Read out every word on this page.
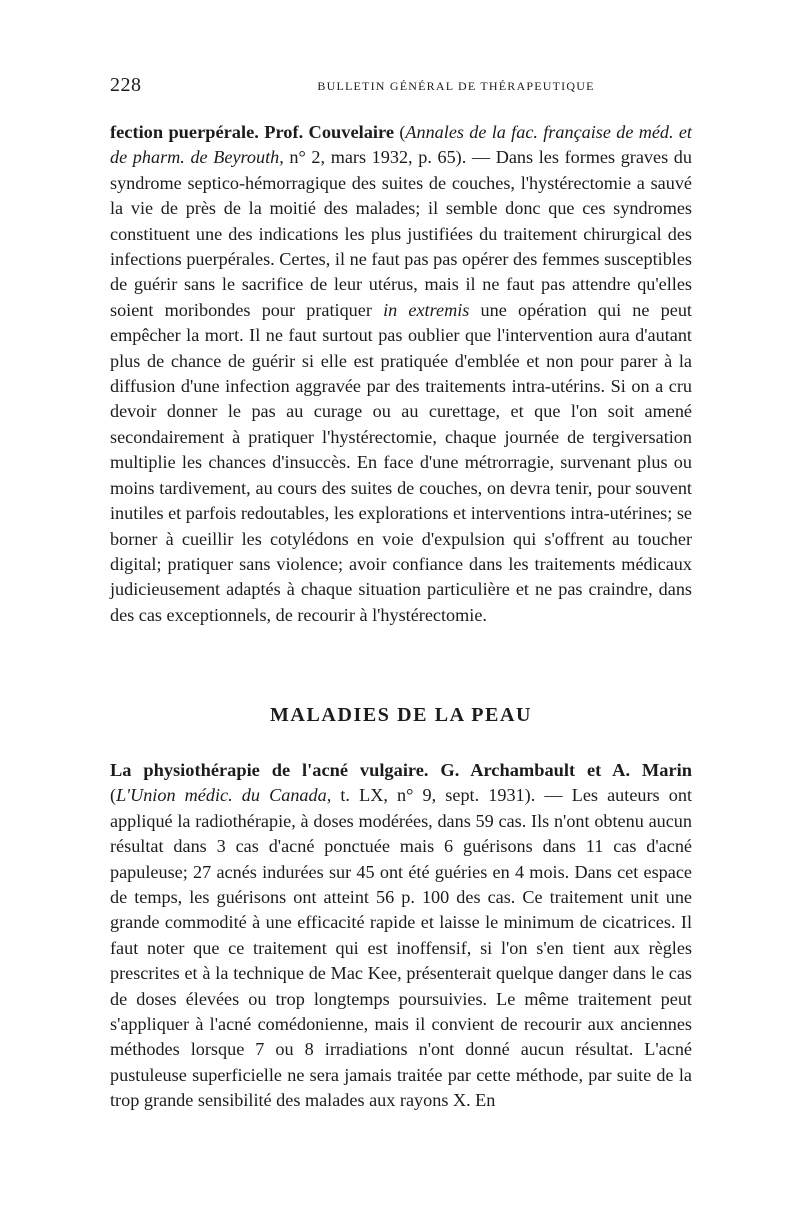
228	BULLETIN GÉNÉRAL DE THÉRAPEUTIQUE

fection puerpérale. Prof. Couvelaire (Annales de la fac. française de méd. et de pharm. de Beyrouth, n° 2, mars 1932, p. 65). — Dans les formes graves du syndrome septico-hémorragique des suites de couches, l'hystérectomie a sauvé la vie de près de la moitié des malades; il semble donc que ces syndromes constituent une des indications les plus justifiées du traitement chirurgical des infections puerpérales. Certes, il ne faut pas pas opérer des femmes susceptibles de guérir sans le sacrifice de leur utérus, mais il ne faut pas attendre qu'elles soient moribondes pour pratiquer in extremis une opération qui ne peut empêcher la mort. Il ne faut surtout pas oublier que l'intervention aura d'autant plus de chance de guérir si elle est pratiquée d'emblée et non pour parer à la diffusion d'une infection aggravée par des traitements intra-utérins. Si on a cru devoir donner le pas au curage ou au curettage, et que l'on soit amené secondairement à pratiquer l'hystérectomie, chaque journée de tergiversation multiplie les chances d'insuccès. En face d'une métrorragie, survenant plus ou moins tardivement, au cours des suites de couches, on devra tenir, pour souvent inutiles et parfois redoutables, les explorations et interventions intra-utérines; se borner à cueillir les cotylédons en voie d'expulsion qui s'offrent au toucher digital; pratiquer sans violence; avoir confiance dans les traitements médicaux judicieusement adaptés à chaque situation particulière et ne pas craindre, dans des cas exceptionnels, de recourir à l'hystérectomie.

MALADIES DE LA PEAU

La physiothérapie de l'acné vulgaire. G. Archambault et A. Marin (L'Union médic. du Canada, t. LX, n° 9, sept. 1931). — Les auteurs ont appliqué la radiothérapie, à doses modérées, dans 59 cas. Ils n'ont obtenu aucun résultat dans 3 cas d'acné ponctuée mais 6 guérisons dans 11 cas d'acné papuleuse; 27 acnés indurées sur 45 ont été guéries en 4 mois. Dans cet espace de temps, les guérisons ont atteint 56 p. 100 des cas. Ce traitement unit une grande commodité à une efficacité rapide et laisse le minimum de cicatrices. Il faut noter que ce traitement qui est inoffensif, si l'on s'en tient aux règles prescrites et à la technique de Mac Kee, présenterait quelque danger dans le cas de doses élevées ou trop longtemps poursuivies. Le même traitement peut s'appliquer à l'acné comédonienne, mais il convient de recourir aux anciennes méthodes lorsque 7 ou 8 irradiations n'ont donné aucun résultat. L'acné pustuleuse superficielle ne sera jamais traitée par cette méthode, par suite de la trop grande sensibilité des malades aux rayons X. En
